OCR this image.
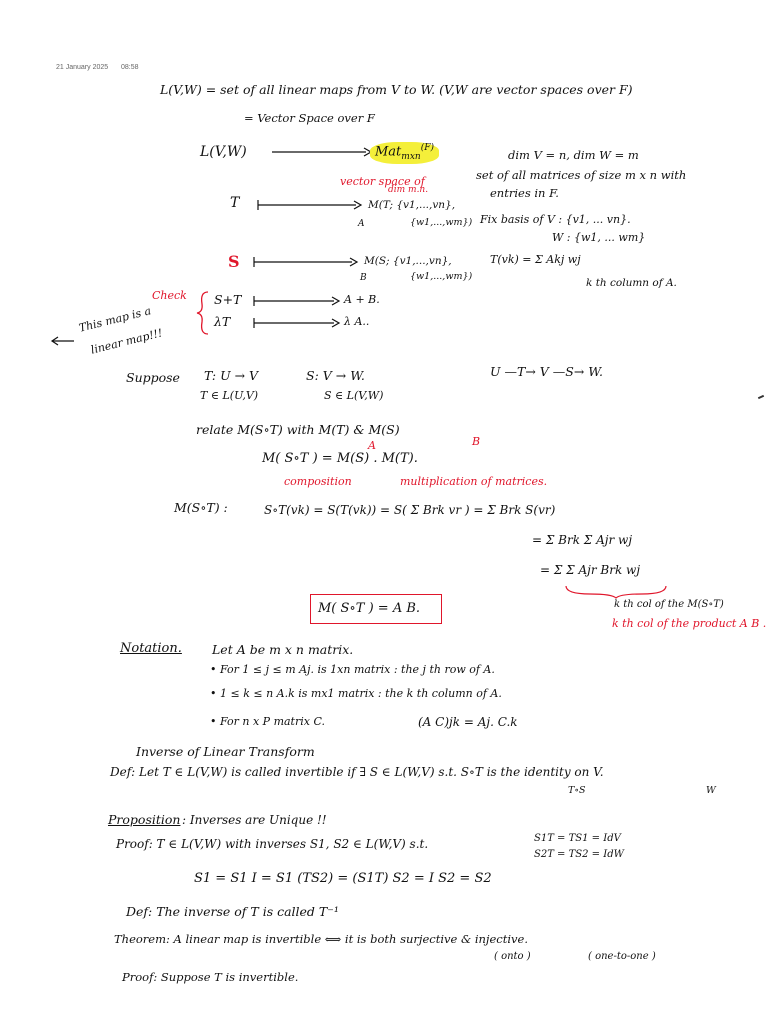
21 January 2025 08:58
L(V,W) = set of all linear maps from V to W. (V,W are vector spaces over F)
= Vector Space over F
L(V,W)	Mat$_{mxn}^{(F)}$	dim V = n, dim W = m
vector space of
dim m.n.
set of all matrices of size m x n with
entries in F.
T	M(T; {v1,...,vn},
{w1,...,wm})
A	Fix basis of V : {v1, ... vn}.
W : {w1, ... wm}
S	M(S; {v1,...,vn},
{w1,...,wm})
B
T(vk) = Σ Akj wj
k th column of A.
Check S+T	A + B.
λT	λ A..
This map is a
linear map!!!
Suppose T: U → V	S: V → W.
T ∈ L(U,V)	S ∈ L(V,W)
U —T→ V —S→ W.
relate M(S∘T) with M(T) & M(S)
M( S∘T ) = M(S) . M(T).
A	B
composition	multiplication of matrices.
M(S∘T) :	S∘T(vk) = S(T(vk)) = S( Σ Brk vr ) = Σ Brk S(vr)
= Σ Brk Σ Ajr wj
= Σ Σ Ajr Brk wj
k th col of the M(S∘T)
k th col of the product A B .
M( S∘T ) = A B.
Notation. Let A be m x n matrix.
• For 1 ≤ j ≤ m Aj. is 1xn matrix : the j th row of A.
• 1 ≤ k ≤ n A.k is mx1 matrix : the k th column of A.
• For n x P matrix C.	(A C)jk = Aj. C.k
Inverse of Linear Transform
Def: Let T ∈ L(V,W) is called invertible if ∃ S ∈ L(W,V) s.t. S∘T is the identity on V.
T∘S	W
Proposition : Inverses are Unique !!
Proof: T ∈ L(V,W) with inverses S1, S2 ∈ L(W,V) s.t.	S1T = TS1 = IdV
S2T = TS2 = IdW
S1 = S1 I = S1 (TS2) = (S1T) S2 = I S2 = S2
Def: The inverse of T is called T⁻¹
Theorem: A linear map is invertible ⟺ it is both surjective & injective.
( onto )	( one-to-one )
Proof: Suppose T is invertible.
